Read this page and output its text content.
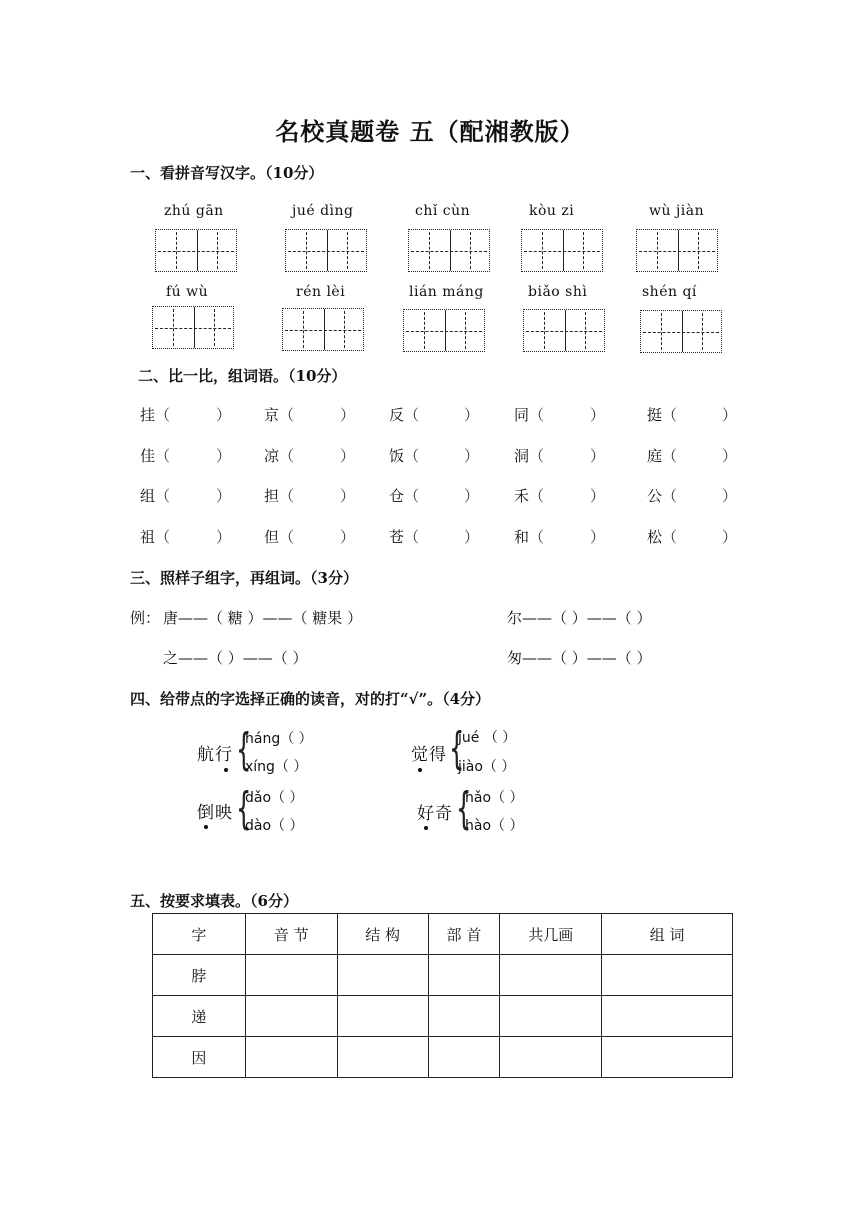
名校真题卷 五（配湘教版）
一、看拼音写汉字。（10分）
zhú gān	jué dìng	chǐ cùn	kòu zi	wù jiàn
fú wù	rén lèi	lián máng	biǎo shì	shén qí
二、比一比，组词语。（10分）
挂（	） 京（	） 反（	） 同（	）	挺（	）
佳（	） 凉（	） 饭（	） 洞（	）	庭（	）
组（	） 担（	） 仓（	） 禾（	）	公（	）
祖（	） 但（	） 苍（	） 和（	）	松（	）
三、照样子组字，再组词。（3分）
例： 唐——（ 糖 ）——（ 糖果 ）	尔——（ ）——（ ）
之——（ ）——（ ）	匆——（ ）——（ ）
四、给带点的字选择正确的读音，对的打“√”。（4分）
航行 {
háng（ ）
xíng（ ）
觉得 {
jué （ ）
jiào（ ）
倒映 {
dǎo（ ）
dào（ ）
好奇 {
hǎo（ ）
hào（ ）
五、按要求填表。（6分）
字	音 节	结 构	部 首	共几画	组 词
脖					
递					
因					
